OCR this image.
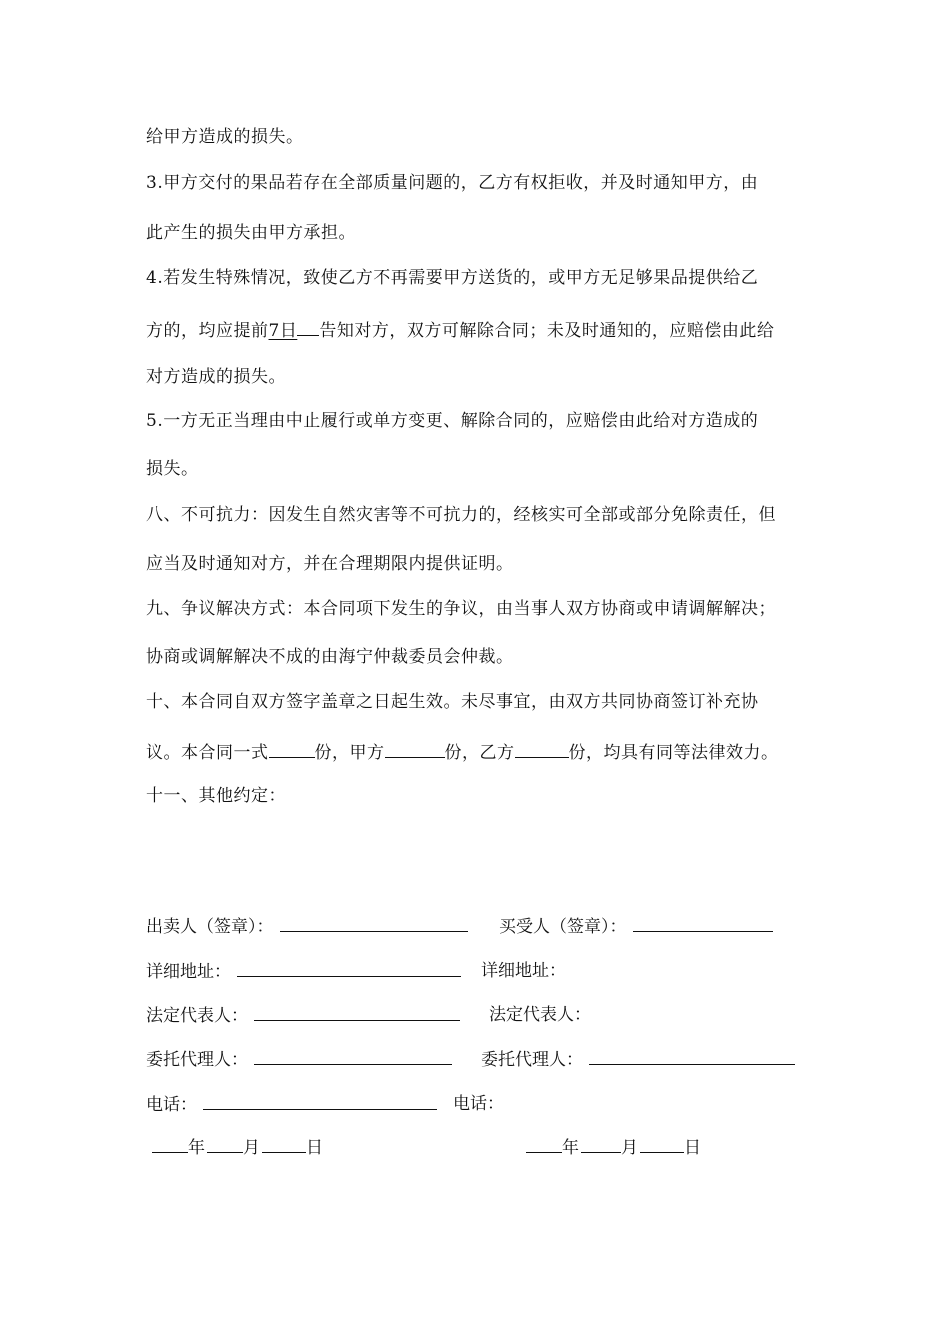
给甲方造成的损失。
3.甲方交付的果品若存在全部质量问题的，乙方有权拒收，并及时通知甲方，由
此产生的损失由甲方承担。
4.若发生特殊情况，致使乙方不再需要甲方送货的，或甲方无足够果品提供给乙
方的，均应提前7日 告知对方，双方可解除合同；未及时通知的，应赔偿由此给
对方造成的损失。
5.一方无正当理由中止履行或单方变更、解除合同的，应赔偿由此给对方造成的
损失。
八、不可抗力：因发生自然灾害等不可抗力的，经核实可全部或部分免除责任，但
应当及时通知对方，并在合理期限内提供证明。
九、争议解决方式：本合同项下发生的争议，由当事人双方协商或申请调解解决；
协商或调解解决不成的由海宁仲裁委员会仲裁。
十、本合同自双方签字盖章之日起生效。未尽事宜，由双方共同协商签订补充协
议。本合同一式	份，甲方	份，乙方	份，均具有同等法律效力。
十一、其他约定：
出卖人（签章）：	买受人（签章）：
详细地址：	详细地址：
法定代表人：	法定代表人：
委托代理人：	委托代理人：
电话：	电话：
年 月	日	年 月	日
